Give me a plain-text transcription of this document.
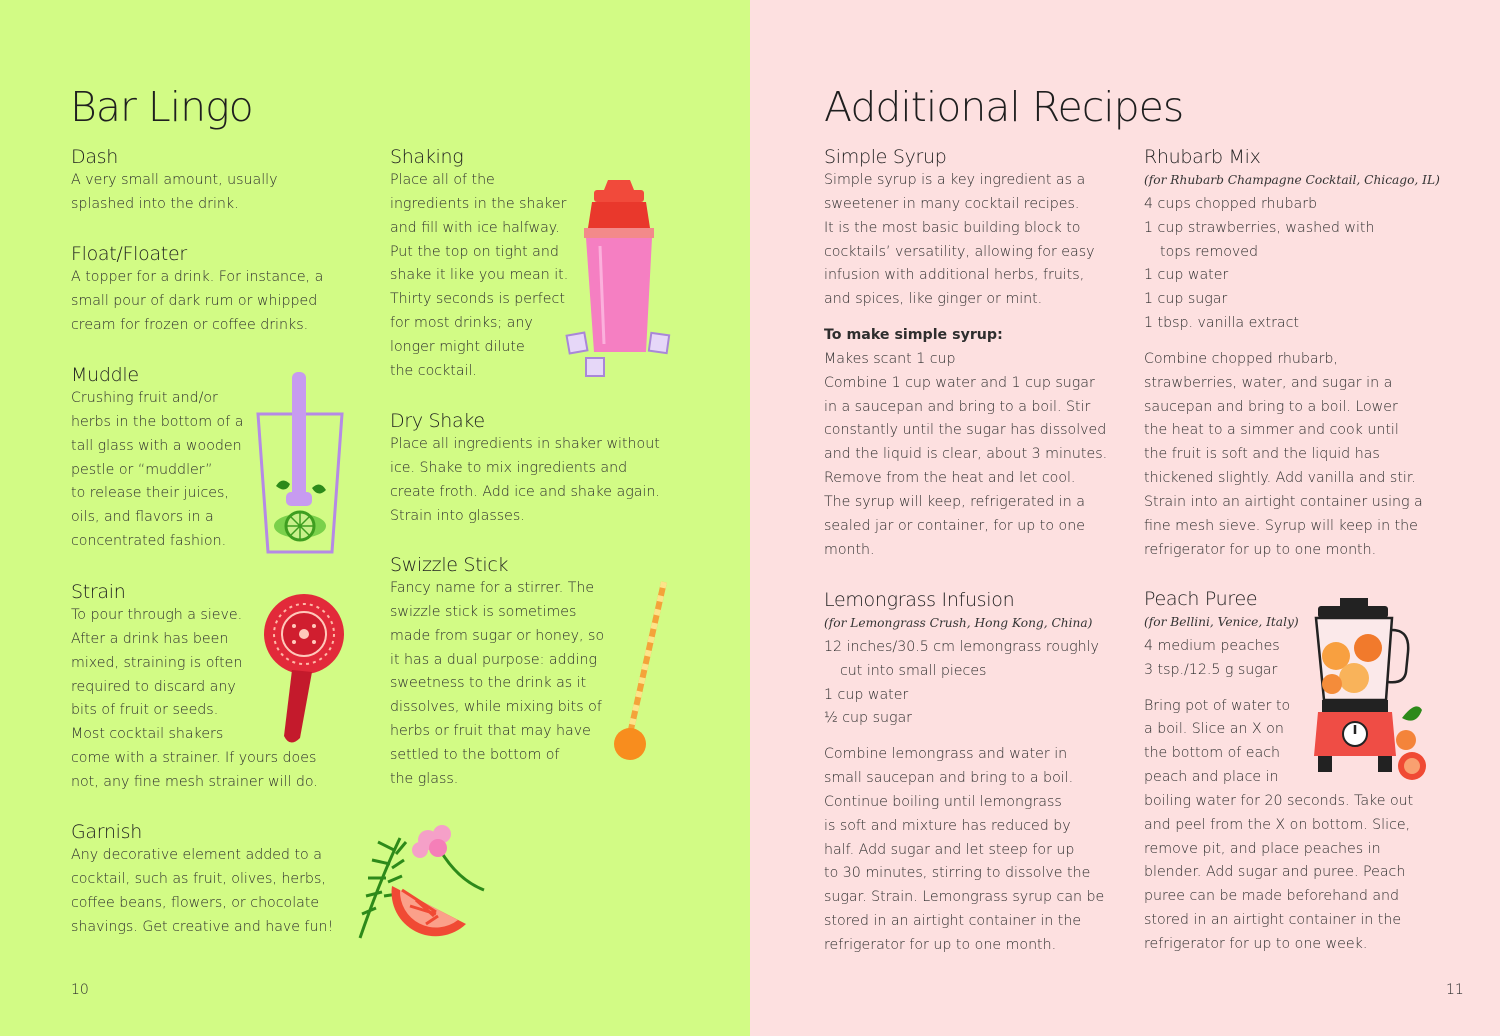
Bar Lingo
Dash
A very small amount, usually
splashed into the drink.
Float/Floater
A topper for a drink. For instance, a
small pour of dark rum or whipped
cream for frozen or coffee drinks.
Muddle
Crushing fruit and/or
herbs in the bottom of a
tall glass with a wooden
pestle or “muddler”
to release their juices,
oils, and flavors in a
concentrated fashion.
Strain
To pour through a sieve.
After a drink has been
mixed, straining is often
required to discard any
bits of fruit or seeds.
Most cocktail shakers
come with a strainer. If yours does
not, any fine mesh strainer will do.
Garnish
Any decorative element added to a
cocktail, such as fruit, olives, herbs,
coffee beans, flowers, or chocolate
shavings. Get creative and have fun!
Shaking
Place all of the
ingredients in the shaker
and fill with ice halfway.
Put the top on tight and
shake it like you mean it.
Thirty seconds is perfect
for most drinks; any
longer might dilute
the cocktail.
Dry Shake
Place all ingredients in shaker without
ice. Shake to mix ingredients and
create froth. Add ice and shake again.
Strain into glasses.
Swizzle Stick
Fancy name for a stirrer. The
swizzle stick is sometimes
made from sugar or honey, so
it has a dual purpose: adding
sweetness to the drink as it
dissolves, while mixing bits of
herbs or fruit that may have
settled to the bottom of
the glass.
10
Additional Recipes
Simple Syrup
Simple syrup is a key ingredient as a
sweetener in many cocktail recipes.
It is the most basic building block to
cocktails’ versatility, allowing for easy
infusion with additional herbs, fruits,
and spices, like ginger or mint.
To make simple syrup:
Makes scant 1 cup
Combine 1 cup water and 1 cup sugar
in a saucepan and bring to a boil. Stir
constantly until the sugar has dissolved
and the liquid is clear, about 3 minutes.
Remove from the heat and let cool.
The syrup will keep, refrigerated in a
sealed jar or container, for up to one
month.
Lemongrass Infusion
(for Lemongrass Crush, Hong Kong, China)
12 inches/30.5 cm lemongrass roughly
cut into small pieces
1 cup water
½ cup sugar
Combine lemongrass and water in
small saucepan and bring to a boil.
Continue boiling until lemongrass
is soft and mixture has reduced by
half. Add sugar and let steep for up
to 30 minutes, stirring to dissolve the
sugar. Strain. Lemongrass syrup can be
stored in an airtight container in the
refrigerator for up to one month.
Rhubarb Mix
(for Rhubarb Champagne Cocktail, Chicago, IL)
4 cups chopped rhubarb
1 cup strawberries, washed with
tops removed
1 cup water
1 cup sugar
1 tbsp. vanilla extract
Combine chopped rhubarb,
strawberries, water, and sugar in a
saucepan and bring to a boil. Lower
the heat to a simmer and cook until
the fruit is soft and the liquid has
thickened slightly. Add vanilla and stir.
Strain into an airtight container using a
fine mesh sieve. Syrup will keep in the
refrigerator for up to one month.
Peach Puree
(for Bellini, Venice, Italy)
4 medium peaches
3 tsp./12.5 g sugar
Bring pot of water to
a boil. Slice an X on
the bottom of each
peach and place in
boiling water for 20 seconds. Take out
and peel from the X on bottom. Slice,
remove pit, and place peaches in
blender. Add sugar and puree. Peach
puree can be made beforehand and
stored in an airtight container in the
refrigerator for up to one week.
11
